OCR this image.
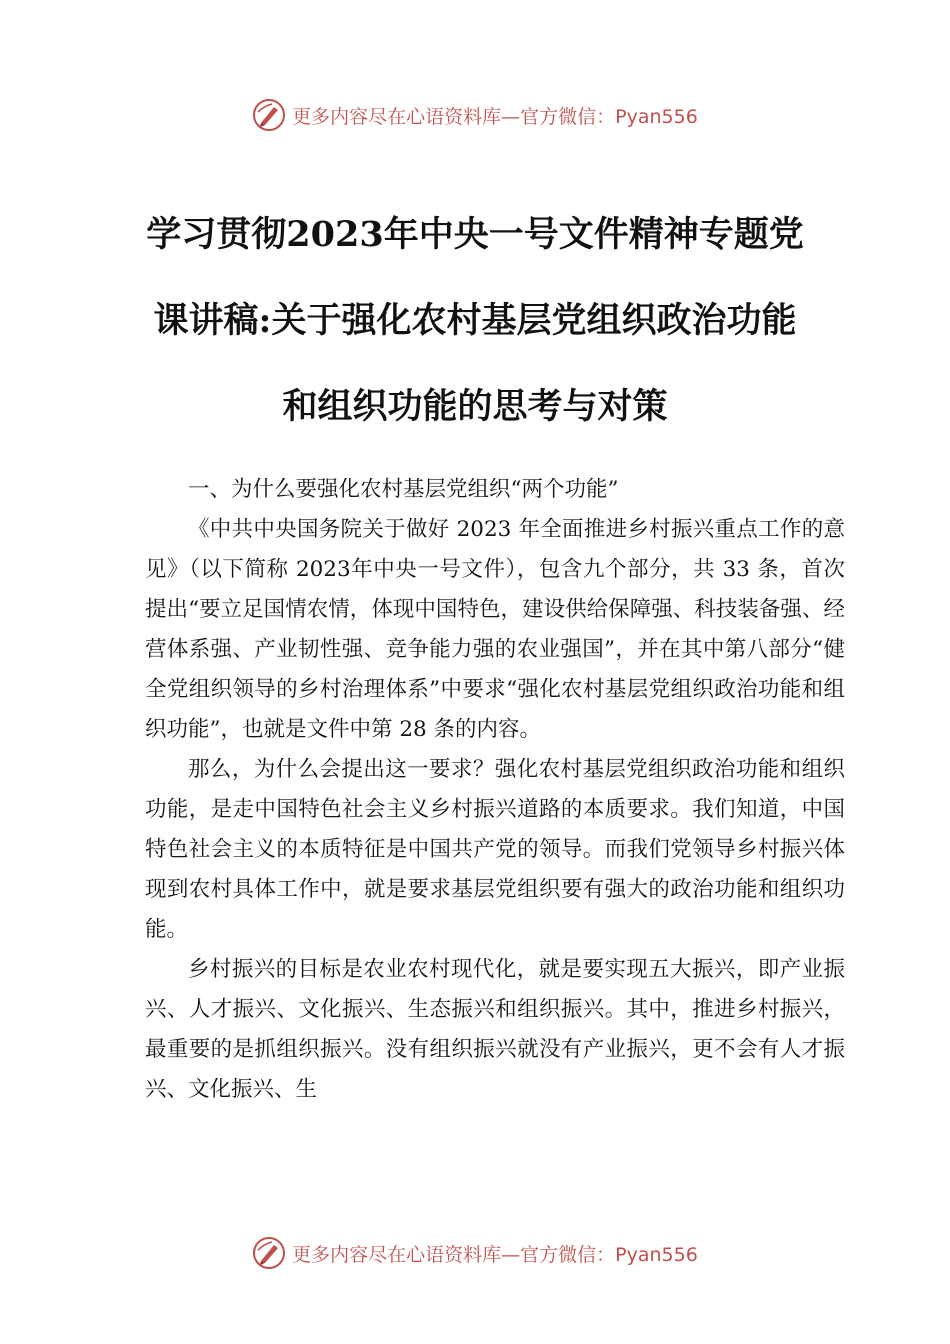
更多内容尽在心语资料库—官方微信：Pyan556
学习贯彻2023年中央一号文件精神专题党
课讲稿:关于强化农村基层党组织政治功能
和组织功能的思考与对策

一、为什么要强化农村基层党组织“两个功能”

《中共中央国务院关于做好 2023 年全面推进乡村振兴重点工作的意见》（以下简称 2023年中央一号文件），包含九个部分，共 33 条，首次提出“要立足国情农情，体现中国特色，建设供给保障强、科技装备强、经营体系强、产业韧性强、竞争能力强的农业强国”，并在其中第八部分“健全党组织领导的乡村治理体系”中要求“强化农村基层党组织政治功能和组织功能”，也就是文件中第 28 条的内容。

那么，为什么会提出这一要求？强化农村基层党组织政治功能和组织功能，是走中国特色社会主义乡村振兴道路的本质要求。我们知道，中国特色社会主义的本质特征是中国共产党的领导。而我们党领导乡村振兴体现到农村具体工作中，就是要求基层党组织要有强大的政治功能和组织功能。

乡村振兴的目标是农业农村现代化，就是要实现五大振兴，即产业振兴、人才振兴、文化振兴、生态振兴和组织振兴。其中，推进乡村振兴，最重要的是抓组织振兴。没有组织振兴就没有产业振兴，更不会有人才振兴、文化振兴、生

更多内容尽在心语资料库—官方微信：Pyan556
